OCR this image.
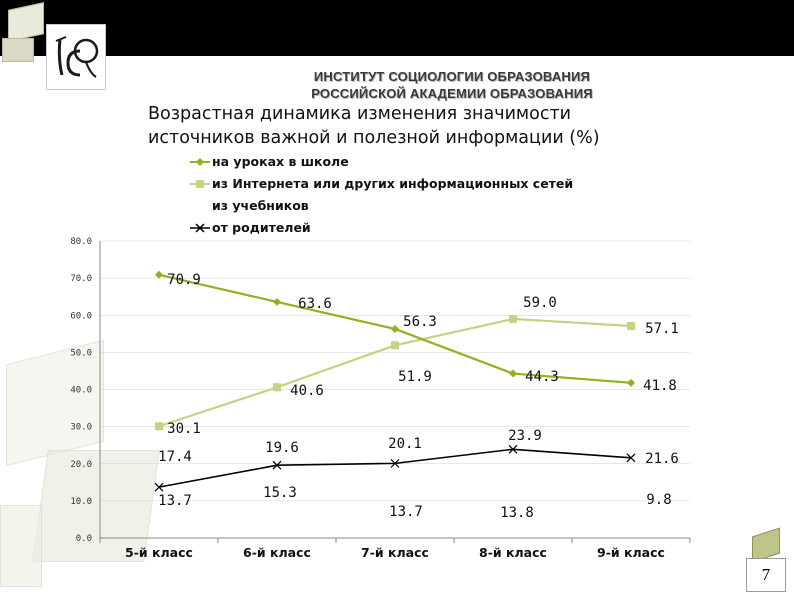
ИНСТИТУТ СОЦИОЛОГИИ ОБРАЗОВАНИЯ
РОССИЙСКОЙ АКАДЕМИИ ОБРАЗОВАНИЯ
Возрастная динамика изменения значимости
источников важной и полезной информации (%)
на уроках в школе
из Интернета или других информационных сетей
из учебников
от родителей
0.0
10.0
20.0
30.0
40.0
50.0
60.0
70.0
80.0
5-й класс	6-й класс	7-й класс	8-й класс	9-й класс
70.9
63.6
56.3
44.3
41.8
30.1
40.6
51.9
59.0
57.1
17.4
19.6	20.1	23.9
21.6
13.7	15.3
13.7	13.8
9.8
7
